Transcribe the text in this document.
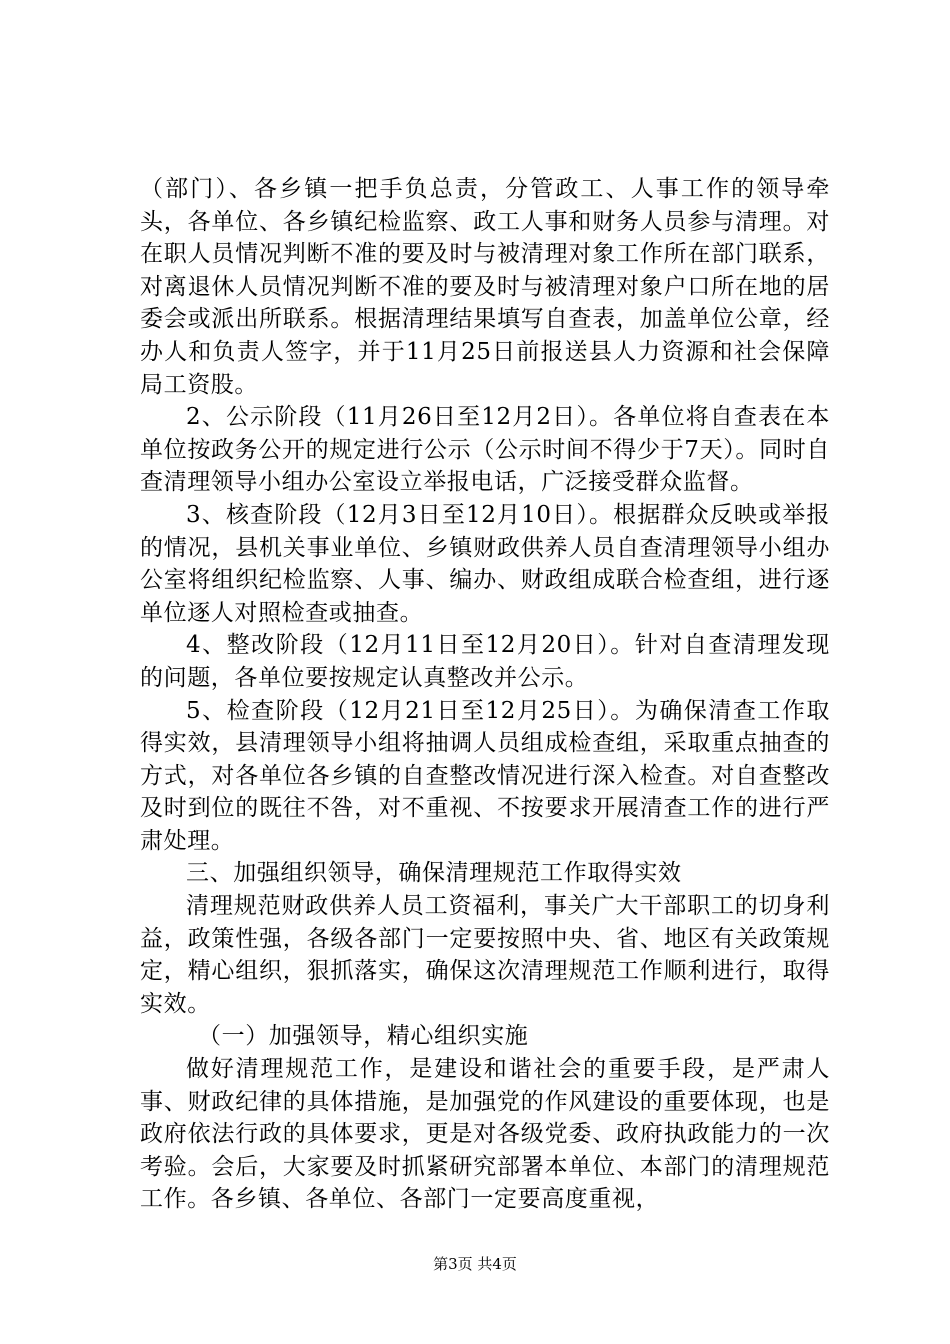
（部门）、各乡镇一把手负总责，分管政工、人事工作的领导牵头，各单位、各乡镇纪检监察、政工人事和财务人员参与清理。对在职人员情况判断不准的要及时与被清理对象工作所在部门联系，对离退休人员情况判断不准的要及时与被清理对象户口所在地的居委会或派出所联系。根据清理结果填写自查表，加盖单位公章，经办人和负责人签字，并于11月25日前报送县人力资源和社会保障局工资股。

2、公示阶段（11月26日至12月2日）。各单位将自查表在本单位按政务公开的规定进行公示（公示时间不得少于7天）。同时自查清理领导小组办公室设立举报电话，广泛接受群众监督。

3、核查阶段（12月3日至12月10日）。根据群众反映或举报的情况，县机关事业单位、乡镇财政供养人员自查清理领导小组办公室将组织纪检监察、人事、编办、财政组成联合检查组，进行逐单位逐人对照检查或抽查。

4、整改阶段（12月11日至12月20日）。针对自查清理发现的问题，各单位要按规定认真整改并公示。

5、检查阶段（12月21日至12月25日）。为确保清查工作取得实效，县清理领导小组将抽调人员组成检查组，采取重点抽查的方式，对各单位各乡镇的自查整改情况进行深入检查。对自查整改及时到位的既往不咎，对不重视、不按要求开展清查工作的进行严肃处理。

三、加强组织领导，确保清理规范工作取得实效

清理规范财政供养人员工资福利，事关广大干部职工的切身利益，政策性强，各级各部门一定要按照中央、省、地区有关政策规定，精心组织，狠抓落实，确保这次清理规范工作顺利进行，取得实效。

（一）加强领导，精心组织实施

做好清理规范工作，是建设和谐社会的重要手段，是严肃人事、财政纪律的具体措施，是加强党的作风建设的重要体现，也是政府依法行政的具体要求，更是对各级党委、政府执政能力的一次考验。会后，大家要及时抓紧研究部署本单位、本部门的清理规范工作。各乡镇、各单位、各部门一定要高度重视，

第3页 共4页
